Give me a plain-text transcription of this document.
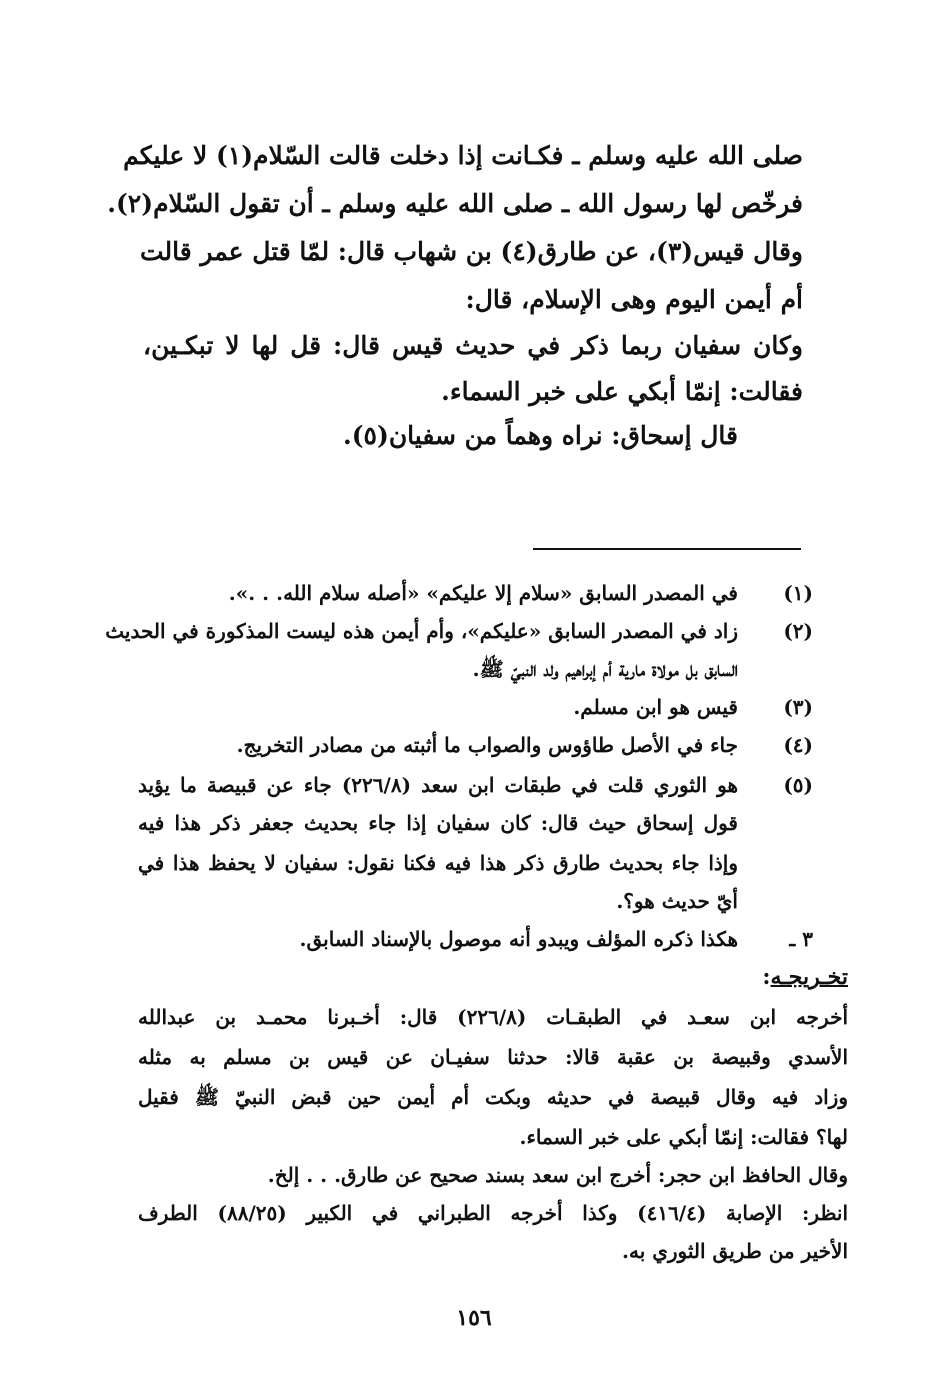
صلى الله عليه وسلم ـ فكـانت إذا دخلت قالت السّلام(١) لا عليكم
فرخّص لها رسول الله ـ صلى الله عليه وسلم ـ أن تقول السّلام(٢).
وقال قيس(٣)، عن طارق(٤) بن شهاب قال: لمّا قتل عمر قالت
أم أيمن اليوم وهى الإسلام، قال:
وكان سفيان ربما ذكر في حديث قيس قال: قل لها لا تبكـين،
فقالت: إنمّا أبكي على خبر السماء.
قال إسحاق: نراه وهماً من سفيان(٥).
(١)
في المصدر السابق «سلام إلا عليكم» «أصله سلام الله. . .».
(٢)
زاد في المصدر السابق «عليكم»، وأم أيمن هذه ليست المذكورة في الحديث
السابق بل مولاة مارية أم إبراهيم ولد النبيّ ﷺ.
(٣)
قيس هو ابن مسلم.
(٤)
جاء في الأصل طاؤوس والصواب ما أثبته من مصادر التخريج.
(٥)
هو الثوري قلت في طبقات ابن سعد (٢٢٦/٨) جاء عن قبيصة ما يؤيد
قول إسحاق حيث قال: كان سفيان إذا جاء بحديث جعفر ذكر هذا فيه
وإذا جاء بحديث طارق ذكر هذا فيه فكنا نقول: سفيان لا يحفظ هذا في
أيّ حديث هو؟.
٣ ـ
هكذا ذكره المؤلف ويبدو أنه موصول بالإسناد السابق.
تخـريجـه:
أخرجه ابن سعـد في الطبقـات (٢٢٦/٨) قال: أخـبرنا محمـد بن عبدالله
الأسدي وقبيصة بن عقبة قالا: حدثنا سفيـان عن قيس بن مسلم به مثله
وزاد فيه وقال قبيصة في حديثه وبكت أم أيمن حين قبض النبيّ ﷺ فقيل
لها؟ فقالت: إنمّا أبكي على خبر السماء.
وقال الحافظ ابن حجر: أخرج ابن سعد بسند صحيح عن طارق. . . إلخ.
انظر: الإصابة (٤١٦/٤) وكذا أخرجه الطبراني في الكبير (٨٨/٢٥) الطرف
الأخير من طريق الثوري به.
١٥٦
